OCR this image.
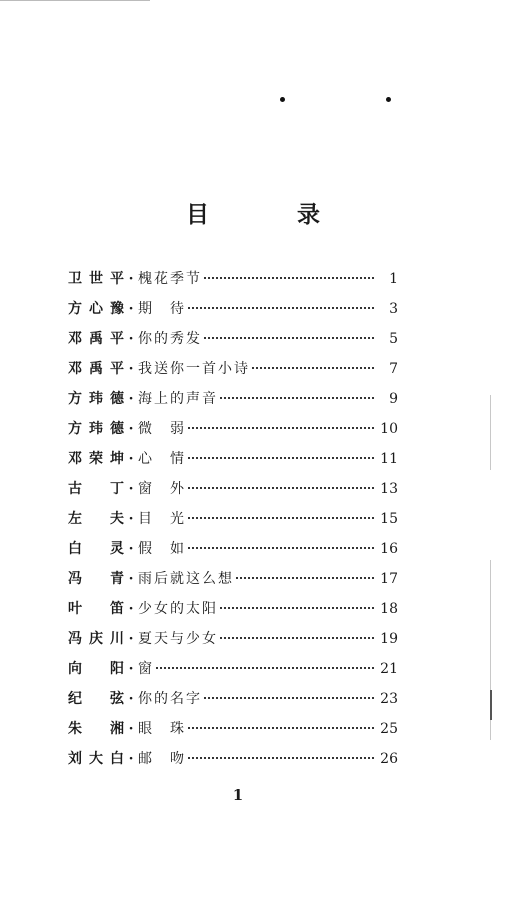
目 录
卫 世 平 · 槐花季节	1
方 心 豫 · 期　待	3
邓 禹 平 · 你的秀发	5
邓 禹 平 · 我送你一首小诗	7
方 玮 德 · 海上的声音	9
方 玮 德 · 微　弱	10
邓 荣 坤 · 心　情	11
古 丁 · 窗　外	13
左 夫 · 目　光	15
白 灵 · 假　如	16
冯 青 · 雨后就这么想	17
叶 笛 · 少女的太阳	18
冯 庆 川 · 夏天与少女	19
向 阳 · 窗	21
纪 弦 · 你的名字	23
朱 湘 · 眼　珠	25
刘 大 白 · 邮　吻	26
1
